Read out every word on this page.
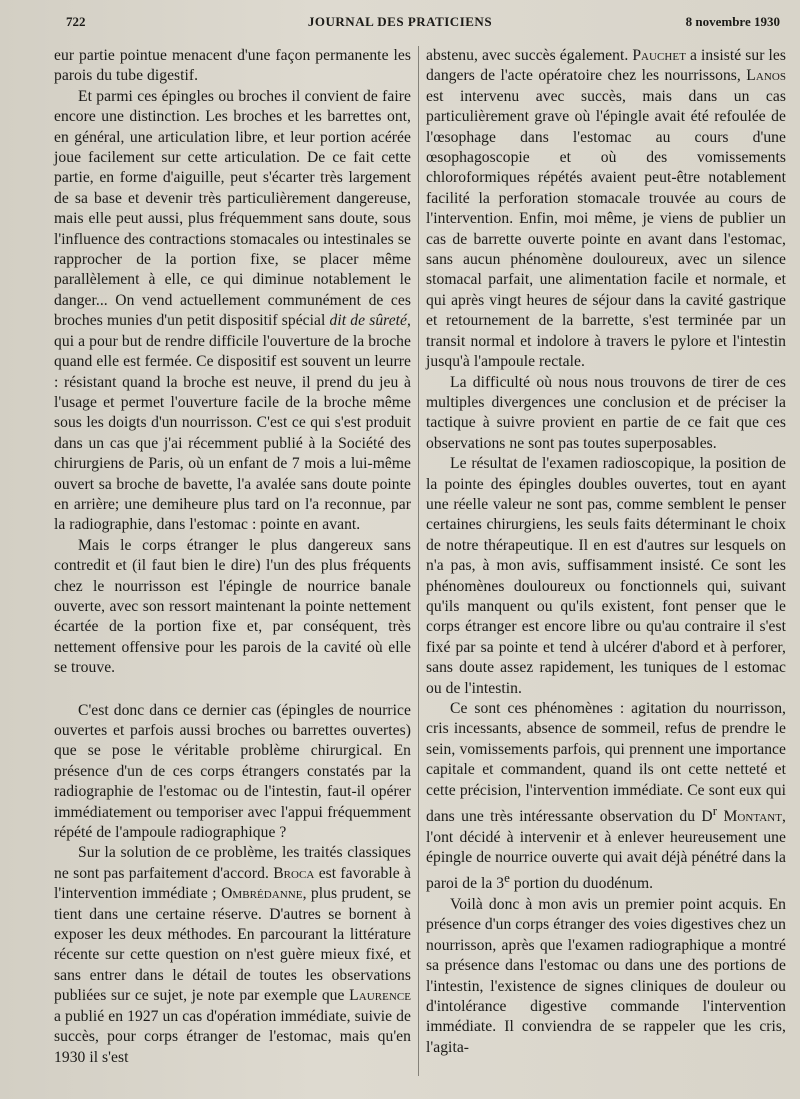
722	JOURNAL DES PRATICIENS	8 novembre 1930

eur partie pointue menacent d'une façon permanente les parois du tube digestif.

Et parmi ces épingles ou broches il convient de faire encore une distinction. Les broches et les barrettes ont, en général, une articulation libre, et leur portion acérée joue facilement sur cette articulation. De ce fait cette partie, en forme d'aiguille, peut s'écarter très largement de sa base et devenir très particulièrement dangereuse, mais elle peut aussi, plus fréquemment sans doute, sous l'influence des contractions stomacales ou intestinales se rapprocher de la portion fixe, se placer même parallèlement à elle, ce qui diminue notablement le danger... On vend actuellement communément de ces broches munies d'un petit dispositif spécial dit de sûreté, qui a pour but de rendre difficile l'ouverture de la broche quand elle est fermée. Ce dispositif est souvent un leurre : résistant quand la broche est neuve, il prend du jeu à l'usage et permet l'ouverture facile de la broche même sous les doigts d'un nourrisson. C'est ce qui s'est produit dans un cas que j'ai récemment publié à la Société des chirurgiens de Paris, où un enfant de 7 mois a lui-même ouvert sa broche de bavette, l'a avalée sans doute pointe en arrière; une demiheure plus tard on l'a reconnue, par la radiographie, dans l'estomac : pointe en avant.

Mais le corps étranger le plus dangereux sans contredit et (il faut bien le dire) l'un des plus fréquents chez le nourrisson est l'épingle de nourrice banale ouverte, avec son ressort maintenant la pointe nettement écartée de la portion fixe et, par conséquent, très nettement offensive pour les parois de la cavité où elle se trouve.

C'est donc dans ce dernier cas (épingles de nourrice ouvertes et parfois aussi broches ou barrettes ouvertes) que se pose le véritable problème chirurgical. En présence d'un de ces corps étrangers constatés par la radiographie de l'estomac ou de l'intestin, faut-il opérer immédiatement ou temporiser avec l'appui fréquemment répété de l'ampoule radiographique ?

Sur la solution de ce problème, les traités classiques ne sont pas parfaitement d'accord. Broca est favorable à l'intervention immédiate ; Ombrédanne, plus prudent, se tient dans une certaine réserve. D'autres se bornent à exposer les deux méthodes. En parcourant la littérature récente sur cette question on n'est guère mieux fixé, et sans entrer dans le détail de toutes les observations publiées sur ce sujet, je note par exemple que Laurence a publié en 1927 un cas d'opération immédiate, suivie de succès, pour corps étranger de l'estomac, mais qu'en 1930 il s'est

abstenu, avec succès également. Pauchet a insisté sur les dangers de l'acte opératoire chez les nourrissons, Lanos est intervenu avec succès, mais dans un cas particulièrement grave où l'épingle avait été refoulée de l'œsophage dans l'estomac au cours d'une œsophagoscopie et où des vomissements chloroformiques répétés avaient peut-être notablement facilité la perforation stomacale trouvée au cours de l'intervention. Enfin, moi même, je viens de publier un cas de barrette ouverte pointe en avant dans l'estomac, sans aucun phénomène douloureux, avec un silence stomacal parfait, une alimentation facile et normale, et qui après vingt heures de séjour dans la cavité gastrique et retournement de la barrette, s'est terminée par un transit normal et indolore à travers le pylore et l'intestin jusqu'à l'ampoule rectale.

La difficulté où nous nous trouvons de tirer de ces multiples divergences une conclusion et de préciser la tactique à suivre provient en partie de ce fait que ces observations ne sont pas toutes superposables.

Le résultat de l'examen radioscopique, la position de la pointe des épingles doubles ouvertes, tout en ayant une réelle valeur ne sont pas, comme semblent le penser certaines chirurgiens, les seuls faits déterminant le choix de notre thérapeutique. Il en est d'autres sur lesquels on n'a pas, à mon avis, suffisamment insisté. Ce sont les phénomènes douloureux ou fonctionnels qui, suivant qu'ils manquent ou qu'ils existent, font penser que le corps étranger est encore libre ou qu'au contraire il s'est fixé par sa pointe et tend à ulcérer d'abord et à perforer, sans doute assez rapidement, les tuniques de l estomac ou de l'intestin.

Ce sont ces phénomènes : agitation du nourrisson, cris incessants, absence de sommeil, refus de prendre le sein, vomissements parfois, qui prennent une importance capitale et commandent, quand ils ont cette netteté et cette précision, l'intervention immédiate. Ce sont eux qui dans une très intéressante observation du $D^r$ Montant, l'ont décidé à intervenir et à enlever heureusement une épingle de nourrice ouverte qui avait déjà pénétré dans la paroi de la 3e portion du duodénum.

Voilà donc à mon avis un premier point acquis. En présence d'un corps étranger des voies digestives chez un nourrisson, après que l'examen radiographique a montré sa présence dans l'estomac ou dans une des portions de l'intestin, l'existence de signes cliniques de douleur ou d'intolérance digestive commande l'intervention immédiate. Il conviendra de se rappeler que les cris, l'agita-
